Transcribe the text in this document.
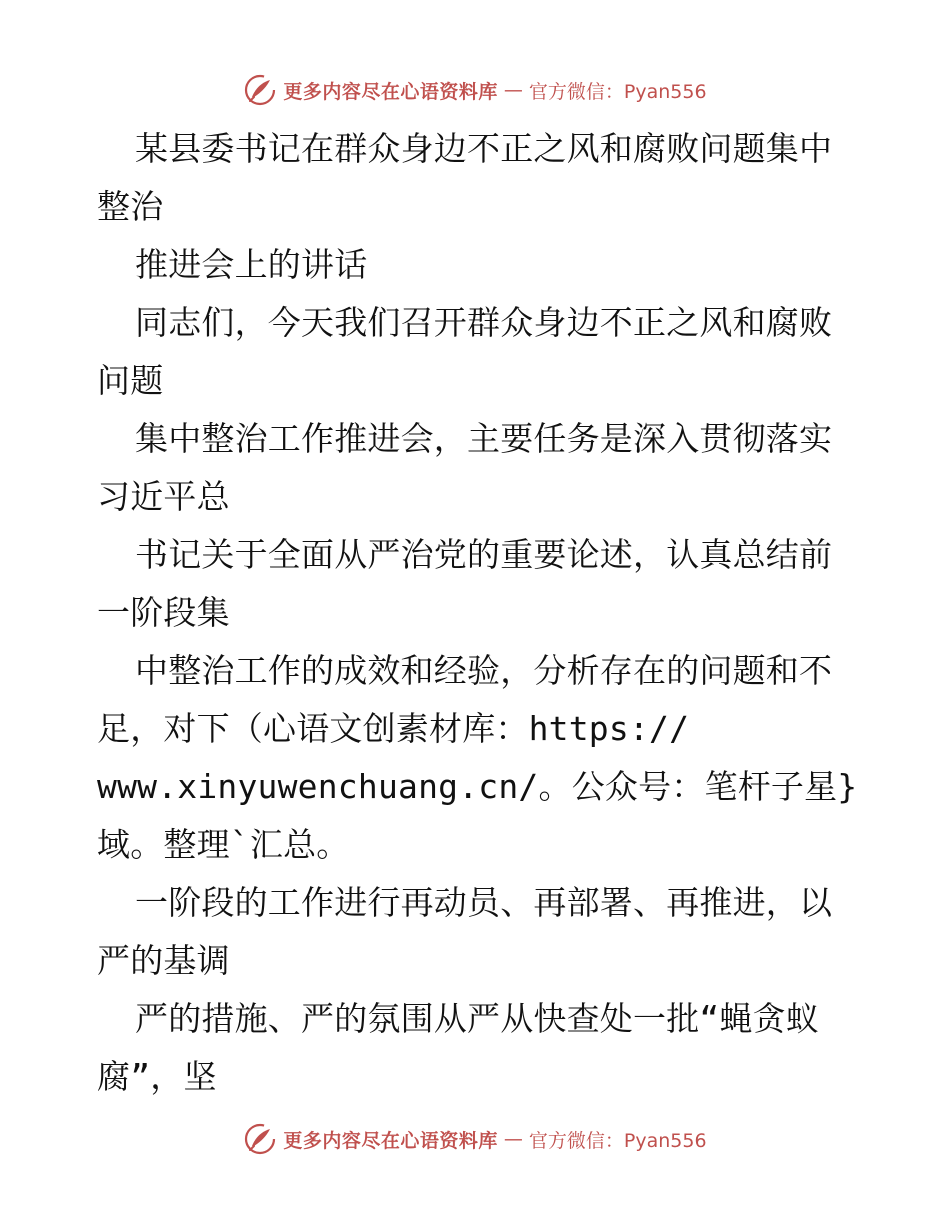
更多内容尽在心语资料库 — 官方微信：Pyan556
某县委书记在群众身边不正之风和腐败问题集中
整治
推进会上的讲话
同志们，今天我们召开群众身边不正之风和腐败
问题
集中整治工作推进会，主要任务是深入贯彻落实
习近平总
书记关于全面从严治党的重要论述，认真总结前
一阶段集
中整治工作的成效和经验，分析存在的问题和不
足，对下（心语文创素材库：https://
www.xinyuwenchuang.cn/。公众号：笔杆子星}
域。整理`汇总。
一阶段的工作进行再动员、再部署、再推进，以
严的基调
严的措施、严的氛围从严从快查处一批“蝇贪蚁
腐”，坚
更多内容尽在心语资料库 — 官方微信：Pyan556
